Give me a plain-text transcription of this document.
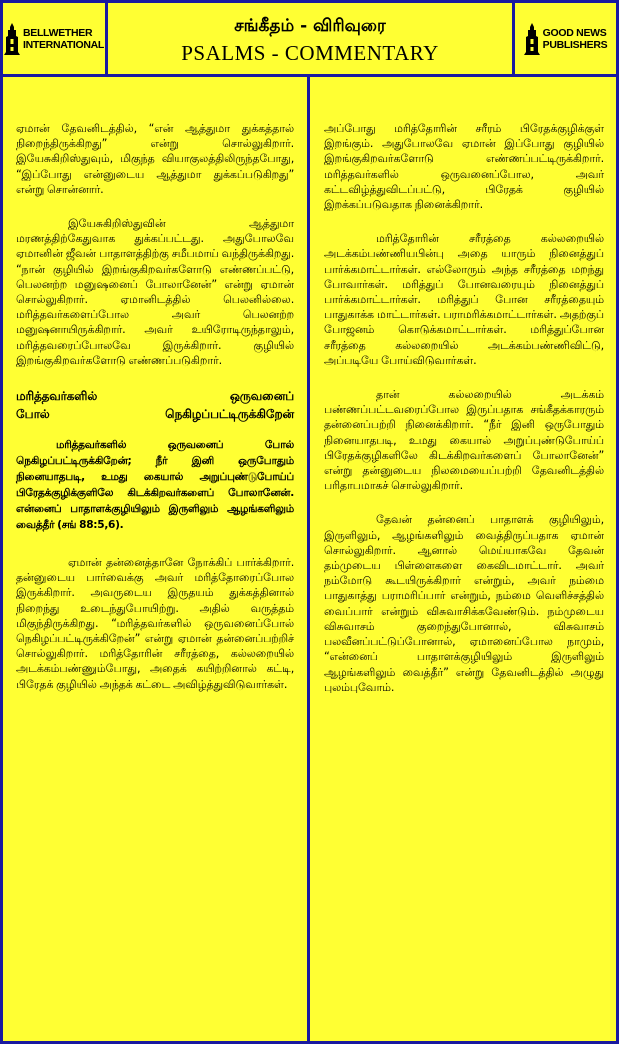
BELLWETHER
INTERNATIONAL
சங்கீதம் - விரிவுரை
PSALMS - COMMENTARY
GOOD NEWS
PUBLISHERS

ஏமான் தேவனிடத்தில், “என் ஆத்துமா துக்கத்தால் நிறைந்திருக்கிறது” என்று சொல்லுகிறார். இயேசுகிறிஸ்துவும், மிகுந்த வியாகுலத்திலிருந்தபோது, “இப்போது என்னுடைய ஆத்துமா துக்கப்படுகிறது” என்று சொன்னார்.

இயேசுகிறிஸ்துவின் ஆத்துமா மரணத்திற்கேதுவாக துக்கப்பட்டது. அதுபோலவே ஏமானின் ஜீவன் பாதாளத்திற்கு சமீபமாய் வந்திருக்கிறது. “நான் குழியில் இறங்குகிறவர்களோடு எண்ணப்பட்டு, பெலனற்ற மனுஷனைப் போலானேன்” என்று ஏமான் சொல்லுகிறார். ஏமானிடத்தில் பெலனில்லை. மரித்தவர்களைப்போல அவர் பெலனற்ற மனுஷனாயிருக்கிறார். அவர் உயிரோடிருந்தாலும், மரித்தவரைப்போலவே இருக்கிறார். குழியில் இறங்குகிறவர்களோடு எண்ணப்படுகிறார்.

மரித்தவர்களில் ஒருவனைப்
போல் நெகிழப்பட்டிருக்கிறேன்

மரித்தவர்களில் ஒருவனைப் போல் நெகிழப்பட்டிருக்கிறேன்; நீர் இனி ஒருபோதும் நினையாதபடி, உமது கையால் அறுப்புண்டுபோய்ப் பிரேதக்குழிக்குளிலே கிடக்கிறவர்களைப் போலானேன். என்னைப் பாதாளக்குழியிலும் இருளிலும் ஆழங்களிலும் வைத்தீர் (சங் 88:5,6).

ஏமான் தன்னைத்தானே நோக்கிப் பார்க்கிறார். தன்னுடைய பார்வைக்கு அவர் மரித்தோரைப்போல இருக்கிறார். அவருடைய இருதயம் துக்கத்தினால் நிறைந்து உடைந்துபோயிற்று. அதில் வருத்தம் மிகுந்திருக்கிறது. “மரித்தவர்களில் ஒருவனைப்போல் நெகிழப்பட்டிருக்கிறேன்” என்று ஏமான் தன்னைப்பற்றிச் சொல்லுகிறார். மரித்தோரின் சரீரத்தை, கல்லறையில் அடக்கம்பண்ணும்போது, அதைக் கயிற்றினால் கட்டி, பிரேதக் குழியில் அந்தக் கட்டை அவிழ்த்துவிடுவார்கள்.

அப்போது மரித்தோரின் சரீரம் பிரேதக்குழிக்குள் இறங்கும். அதுபோலவே ஏமான் இப்போது குழியில் இறங்குகிறவர்களோடு எண்ணப்பட்டிருக்கிறார். மரித்தவர்களில் ஒருவனைப்போல, அவர் கட்டவிழ்த்துவிடப்பட்டு, பிரேதக் குழியில் இறக்கப்படுவதாக நினைக்கிறார்.

மரித்தோரின் சரீரத்தை கல்லறையில் அடக்கம்பண்ணியபின்பு அதை யாரும் நினைத்துப் பார்க்கமாட்டார்கள். எல்லோரும் அந்த சரீரத்தை மறந்து போவார்கள். மரித்துப் போனவரையும் நினைத்துப் பார்க்கமாட்டார்கள். மரித்துப் போன சரீரத்தையும் பாதுகாக்க மாட்டார்கள். பராமரிக்கமாட்டார்கள். அதற்குப் போஜனம் கொடுக்கமாட்டார்கள். மரித்துப்போன சரீரத்தை கல்லறையில் அடக்கம்பண்ணிவிட்டு, அப்படியே போய்விடுவார்கள்.

தான் கல்லறையில் அடக்கம் பண்ணப்பட்டவரைப்போல இருப்பதாக சங்கீதக்காரரும் தன்னைப்பற்றி நினைக்கிறார். “நீர் இனி ஒருபோதும் நினையாதபடி, உமது கையால் அறுப்புண்டுபோய்ப் பிரேதக்குழிகளிலே கிடக்கிறவர்களைப் போலானேன்” என்று தன்னுடைய நிலமையைப்பற்றி தேவனிடத்தில் பரிதாபமாகச் சொல்லுகிறார்.

தேவன் தன்னைப் பாதாளக் குழியிலும், இருளிலும், ஆழங்களிலும் வைத்திருப்பதாக ஏமான் சொல்லுகிறார். ஆனால் மெய்யாகவே தேவன் தம்முடைய பிள்ளைகளை கைவிடமாட்டார். அவர் நம்மோடு கூடயிருக்கிறார் என்றும், அவர் நம்மை பாதுகாத்து பராமரிப்பார் என்றும், நம்மை வெளிச்சத்தில் வைப்பார் என்றும் விசுவாசிக்கவேண்டும். நம்முடைய விசுவாசம் குறைந்துபோனால், விசுவாசம் பலவீனப்பட்டுப்போனால், ஏமானைப்போல நாமும், “என்னைப் பாதாளக்குழியிலும் இருளிலும் ஆழங்களிலும் வைத்தீர்” என்று தேவனிடத்தில் அழுது புலம்புவோம்.
